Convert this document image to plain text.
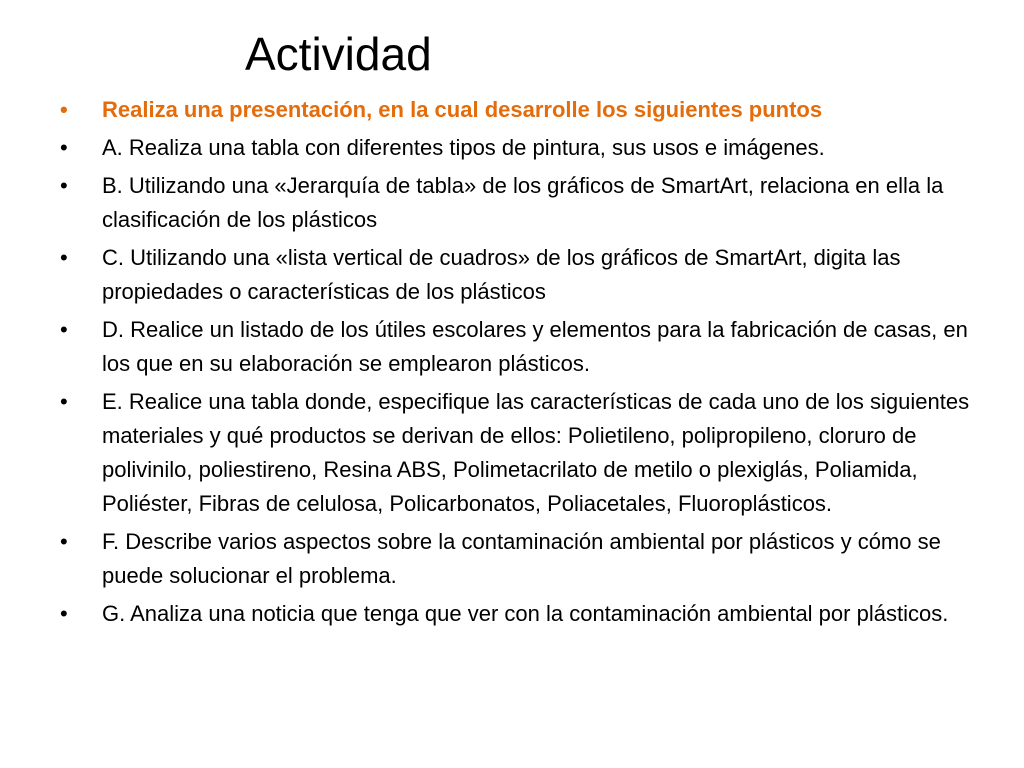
Actividad
•	Realiza una presentación, en la cual desarrolle los siguientes puntos
•	A. Realiza una tabla con diferentes tipos de pintura, sus usos e imágenes.
•	B. Utilizando una «Jerarquía de tabla» de los gráficos de SmartArt, relaciona en ella la clasificación de los plásticos
•	C. Utilizando una «lista vertical de cuadros» de los gráficos de SmartArt, digita las propiedades o características de los plásticos
•	D. Realice un listado de los útiles escolares y elementos para la fabricación de casas, en los que en su elaboración se emplearon plásticos.
•	E. Realice una tabla donde, especifique las características de cada uno de los siguientes materiales y qué productos se derivan de ellos: Polietileno, polipropileno, cloruro de polivinilo, poliestireno, Resina ABS, Polimetacrilato de metilo o plexiglás, Poliamida, Poliéster, Fibras de celulosa, Policarbonatos, Poliacetales, Fluoroplásticos.
•	F. Describe varios aspectos sobre la contaminación ambiental por plásticos y cómo se puede solucionar el problema.
•	G. Analiza una noticia que tenga que ver con la contaminación ambiental por plásticos.
